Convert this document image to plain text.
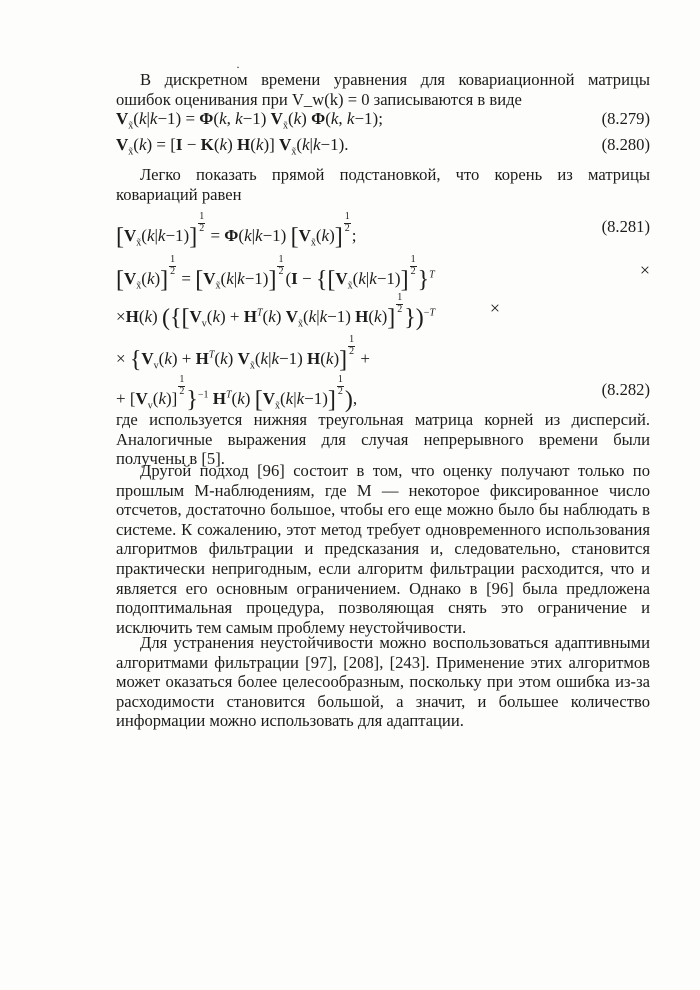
·

В дискретном времени уравнения для ковариационной матрицы ошибок оценивания при V_w(k) = 0 записываются в виде

$V_{x̃}(k|k-1) = \Phi(k$, k−1) $V_{x̃}(k)$ Φ(k, k−1);	(8.279)
$V_{x̃}(k) = [I - K(k)$ H(k)] $V_{x̃}(k|k-1)$.	(8.280)

Легко показать прямой подстановкой, что корень из матрицы ковариаций равен

$[V_{x̃}(k|k-1)]$
$\frac{1}{2}$
= Φ(k|k−1) $[V_{x̃}(k)]$
$\frac{1}{2}$
;	(8.281)
$[V_{x̃}(k)]$
$\frac{1}{2}$
= $[V_{x̃}(k|k-1)]$
$\frac{1}{2}$
($I - \{[V_{x̃}(k|k-1)]$
$\frac{1}{2}$
}$^T$	×
×H(k) ({[$V_v(k) + H^T(k)$ $V_{x̃}(k|k-1)$ H(k)]
$\frac{1}{2}$
})$^{-T}$	×
× {$V_v(k) + H^T(k)$ $V_{x̃}(k|k-1)$ H(k)]
$\frac{1}{2}$
+
+ $[V_v(k)]$
$\frac{1}{2}$
}$^{-1}$ $H^T(k)$ $[V_{x̃}(k|k-1)]$
$\frac{1}{2}$
),	(8.282)

где используется нижняя треугольная матрица корней из дисперсий. Аналогичные выражения для случая непрерывного времени были получены в [5].

Другой подход [96] состоит в том, что оценку получают только по прошлым M-наблюдениям, где M — некоторое фиксированное число отсчетов, достаточно большое, чтобы его еще можно было бы наблюдать в системе. К сожалению, этот метод требует одновременного использования алгоритмов фильтрации и предсказания и, следовательно, становится практически непригодным, если алгоритм фильтрации расходится, что и является его основным ограничением. Однако в [96] была предложена подоптимальная процедура, позволяющая снять это ограничение и исключить тем самым проблему неустойчивости.

Для устранения неустойчивости можно воспользоваться адаптивными алгоритмами фильтрации [97], [208], [243]. Применение этих алгоритмов может оказаться более целесообразным, поскольку при этом ошибка из-за расходимости становится большой, а значит, и большее количество информации можно использовать для адаптации.
